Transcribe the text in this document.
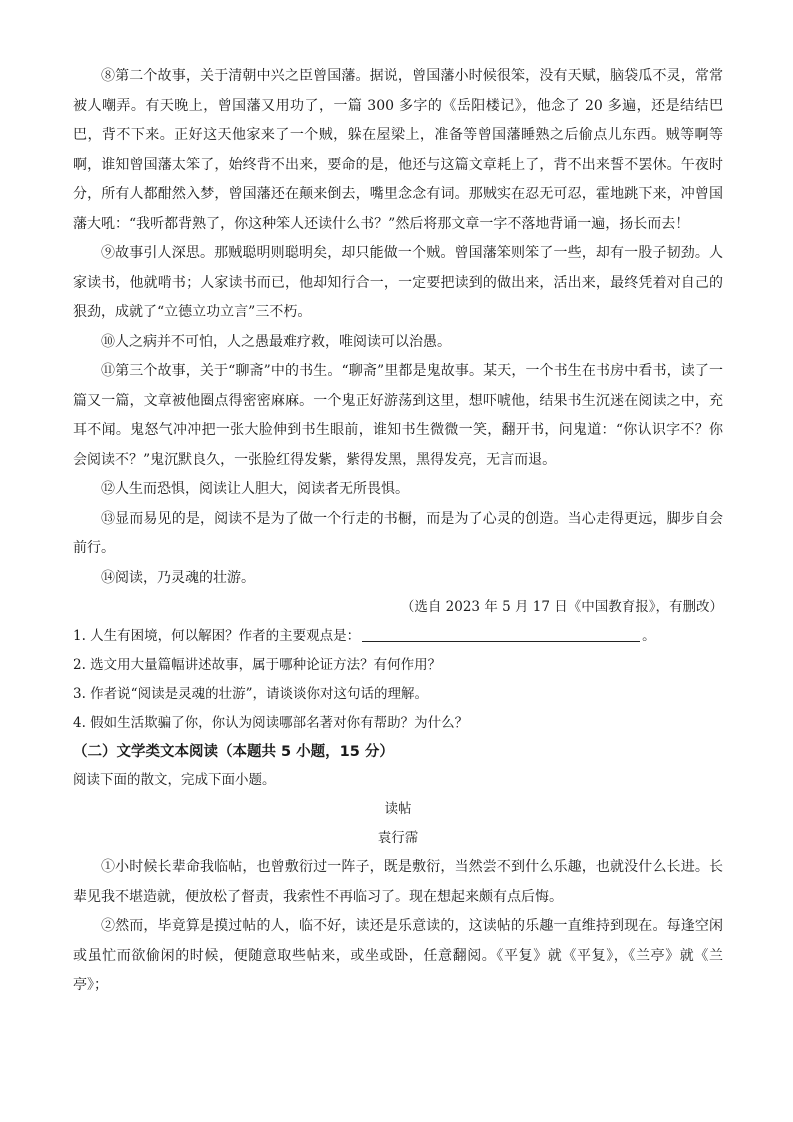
⑧第二个故事，关于清朝中兴之臣曾国藩。据说，曾国藩小时候很笨，没有天赋，脑袋瓜不灵，常常被人嘲弄。有天晚上，曾国藩又用功了，一篇 300 多字的《岳阳楼记》，他念了 20 多遍，还是结结巴巴，背不下来。正好这天他家来了一个贼，躲在屋梁上，准备等曾国藩睡熟之后偷点儿东西。贼等啊等啊，谁知曾国藩太笨了，始终背不出来，要命的是，他还与这篇文章耗上了，背不出来誓不罢休。午夜时分，所有人都酣然入梦，曾国藩还在颠来倒去，嘴里念念有词。那贼实在忍无可忍，霍地跳下来，冲曾国藩大吼：“我听都背熟了，你这种笨人还读什么书？”然后将那文章一字不落地背诵一遍，扬长而去！

⑨故事引人深思。那贼聪明则聪明矣，却只能做一个贼。曾国藩笨则笨了一些，却有一股子韧劲。人家读书，他就啃书；人家读书而已，他却知行合一，一定要把读到的做出来，活出来，最终凭着对自己的狠劲，成就了“立德立功立言”三不朽。

⑩人之病并不可怕，人之愚最难疗救，唯阅读可以治愚。

⑪第三个故事，关于“聊斋”中的书生。“聊斋”里都是鬼故事。某天，一个书生在书房中看书，读了一篇又一篇，文章被他圈点得密密麻麻。一个鬼正好游荡到这里，想吓唬他，结果书生沉迷在阅读之中，充耳不闻。鬼怒气冲冲把一张大脸伸到书生眼前，谁知书生微微一笑，翻开书，问鬼道：“你认识字不？你会阅读不？”鬼沉默良久，一张脸红得发紫，紫得发黑，黑得发亮，无言而退。

⑫人生而恐惧，阅读让人胆大，阅读者无所畏惧。

⑬显而易见的是，阅读不是为了做一个行走的书橱，而是为了心灵的创造。当心走得更远，脚步自会前行。

⑭阅读，乃灵魂的壮游。

（选自 2023 年 5 月 17 日《中国教育报》，有删改）

1. 人生有困境，何以解困？作者的主要观点是：	。

2. 选文用大量篇幅讲述故事，属于哪种论证方法？有何作用？

3. 作者说“阅读是灵魂的壮游”，请谈谈你对这句话的理解。

4. 假如生活欺骗了你，你认为阅读哪部名著对你有帮助？为什么？

（二）文学类文本阅读（本题共 5 小题，15 分）

阅读下面的散文，完成下面小题。

读帖

袁行霈

①小时候长辈命我临帖，也曾敷衍过一阵子，既是敷衍，当然尝不到什么乐趣，也就没什么长进。长辈见我不堪造就，便放松了督责，我索性不再临习了。现在想起来颇有点后悔。

②然而，毕竟算是摸过帖的人，临不好，读还是乐意读的，这读帖的乐趣一直维持到现在。每逢空闲或虽忙而欲偷闲的时候，便随意取些帖来，或坐或卧，任意翻阅。《平复》就《平复》，《兰亭》就《兰亭》；
